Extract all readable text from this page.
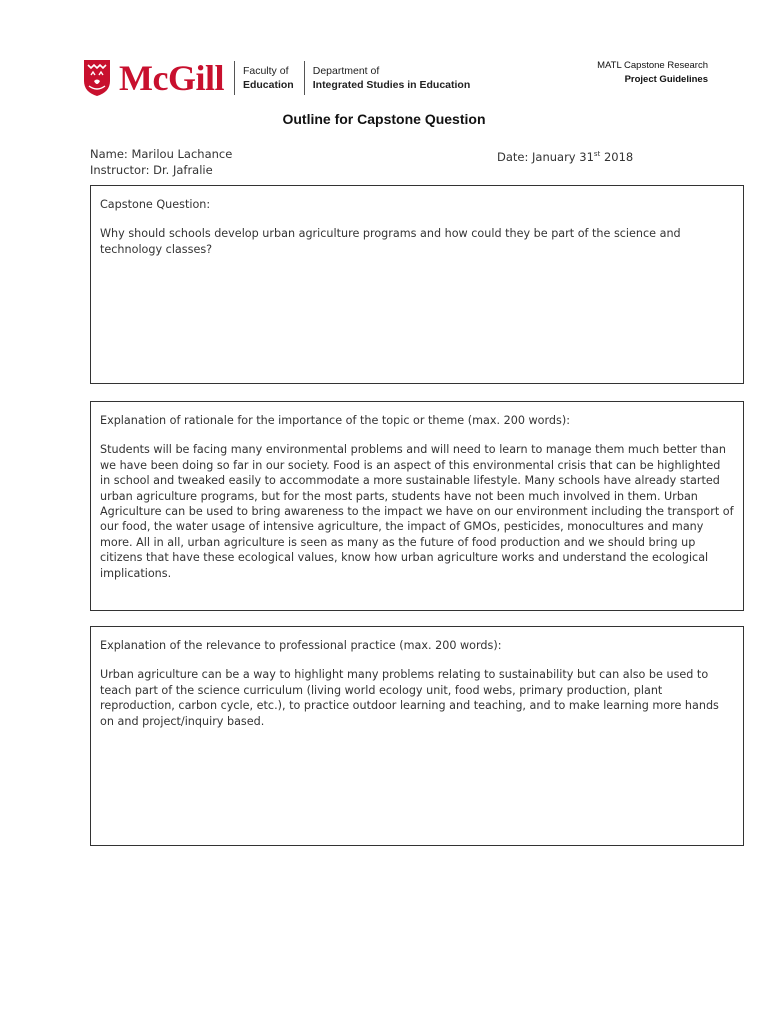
McGill Faculty of
Education
Department of
Integrated Studies in Education
MATL Capstone Research
Project Guidelines
Outline for Capstone Question
Name: Marilou Lachance
Instructor: Dr. Jafralie
Date: January 31st 2018
Capstone Question:
Why should schools develop urban agriculture programs and how could they be part of the science and technology classes?
Explanation of rationale for the importance of the topic or theme (max. 200 words):
Students will be facing many environmental problems and will need to learn to manage them much better than we have been doing so far in our society. Food is an aspect of this environmental crisis that can be highlighted in school and tweaked easily to accommodate a more sustainable lifestyle. Many schools have already started urban agriculture programs, but for the most parts, students have not been much involved in them. Urban Agriculture can be used to bring awareness to the impact we have on our environment including the transport of our food, the water usage of intensive agriculture, the impact of GMOs, pesticides, monocultures and many more. All in all, urban agriculture is seen as many as the future of food production and we should bring up citizens that have these ecological values, know how urban agriculture works and understand the ecological implications.
Explanation of the relevance to professional practice (max. 200 words):
Urban agriculture can be a way to highlight many problems relating to sustainability but can also be used to teach part of the science curriculum (living world ecology unit, food webs, primary production, plant reproduction, carbon cycle, etc.), to practice outdoor learning and teaching, and to make learning more hands on and project/inquiry based.
